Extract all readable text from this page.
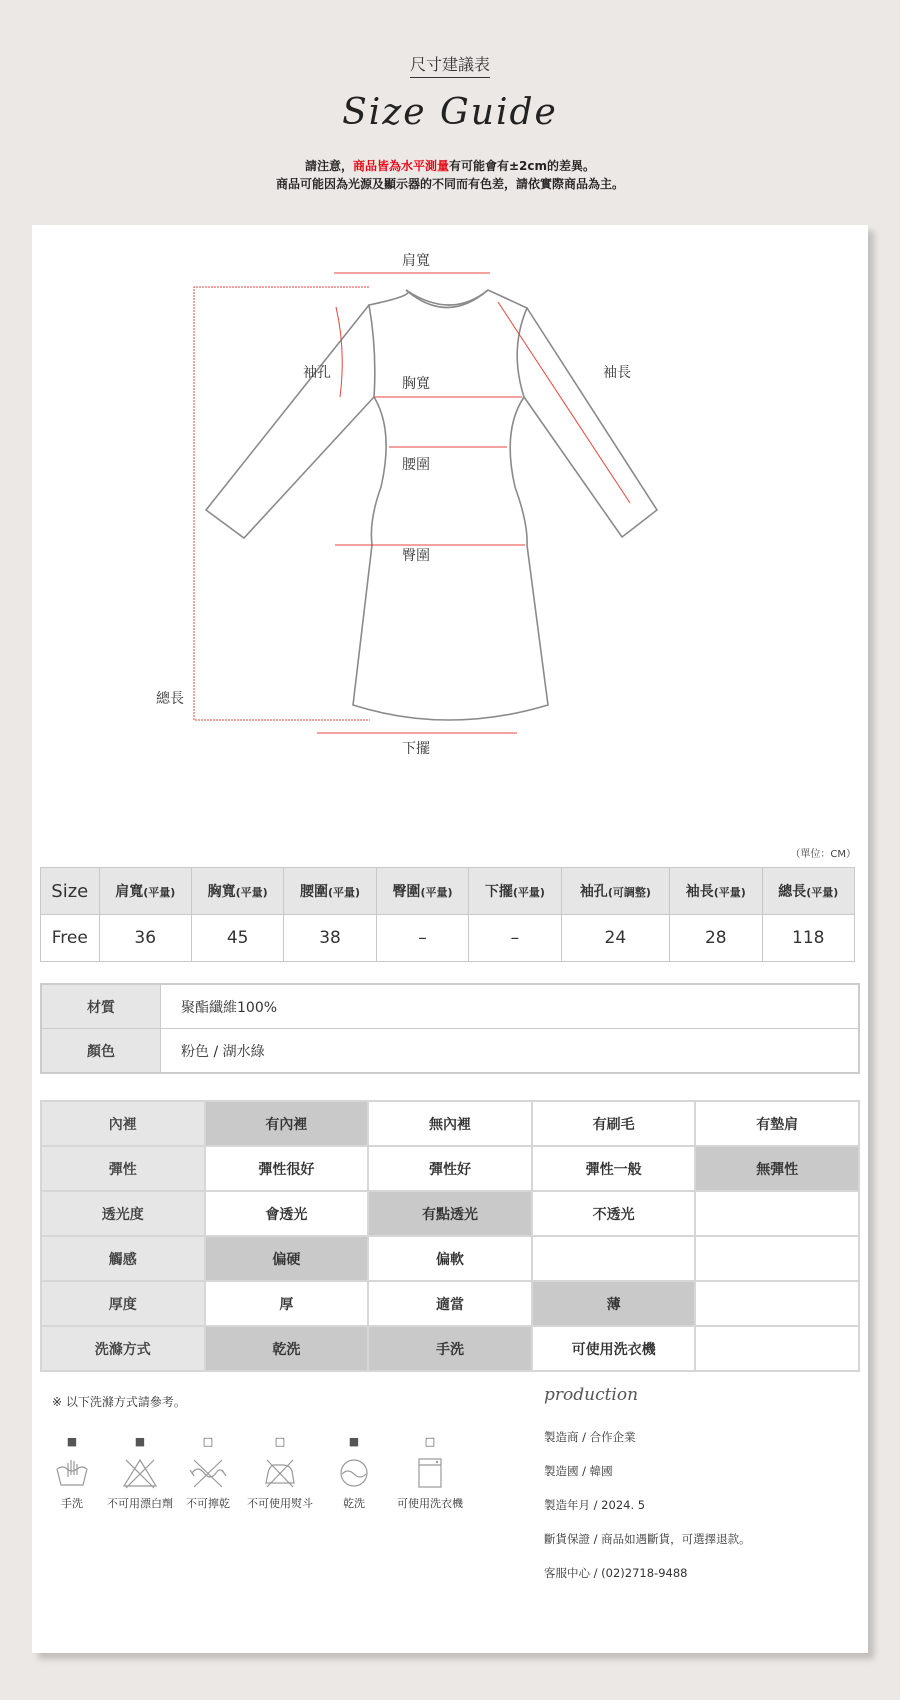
尺寸建議表
Size Guide
請注意，商品皆為水平測量有可能會有±2cm的差異。
商品可能因為光源及顯示器的不同而有色差，請依實際商品為主。
肩寬
袖孔
胸寬
袖長
腰圍
臀圍
總長
下擺
（單位：CM）
Size	肩寬(平量)	胸寬(平量)	腰圍(平量)	臀圍(平量)	下擺(平量)	袖孔(可調整)	袖長(平量)	總長(平量)
Free	36	45	38	–	–	24	28	118
材質	聚酯纖維100%
顏色	粉色 / 湖水綠
內裡	有內裡	無內裡	有刷毛	有墊肩
彈性	彈性很好	彈性好	彈性一般	無彈性
透光度	會透光	有點透光	不透光	
觸感	偏硬	偏軟		
厚度	厚	適當	薄	
洗滌方式	乾洗	手洗	可使用洗衣機	
※ 以下洗滌方式請參考。
■
手洗
■
不可用漂白劑
□
不可擰乾
□
不可使用熨斗
■
乾洗
□
可使用洗衣機
production
製造商 / 合作企業
製造國 / 韓國
製造年月 / 2024. 5
斷貨保證 / 商品如遇斷貨，可選擇退款。
客服中心 / (02)2718-9488
